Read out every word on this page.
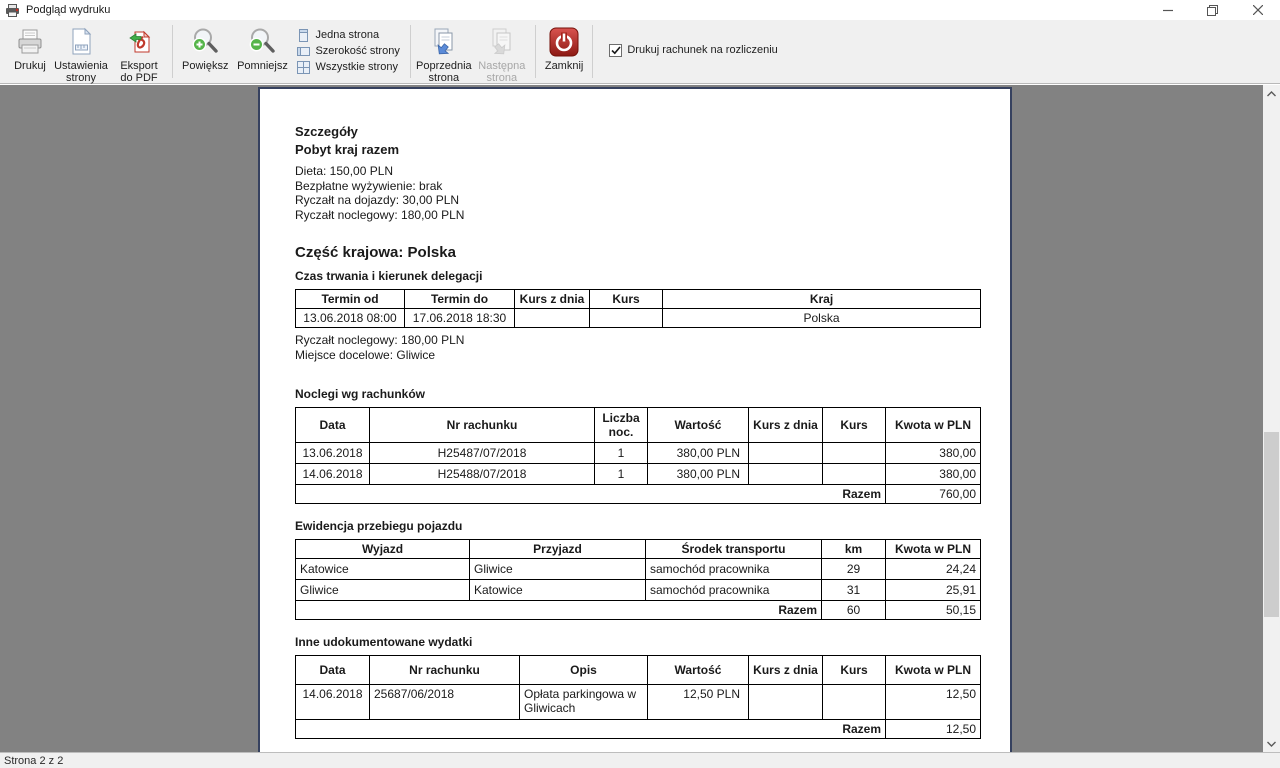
Podgląd wydruku
Drukuj Ustawienia strony
Eksport do PDF
Powiększ Pomniejsz
Jedna strona
Szerokość strony
Wszystkie strony Poprzednia strona
Następna strona
Zamknij
Drukuj rachunek na rozliczeniu
Szczegóły
Pobyt kraj razem
Dieta: 150,00 PLN
Bezpłatne wyżywienie: brak
Ryczałt na dojazdy: 30,00 PLN
Ryczałt noclegowy: 180,00 PLN
Część krajowa: Polska
Czas trwania i kierunek delegacji
Termin od	Termin do	Kurs z dnia	Kurs	Kraj
13.06.2018 08:00	17.06.2018 18:30			Polska
Ryczałt noclegowy: 180,00 PLN
Miejsce docelowe: Gliwice
Noclegi wg rachunków
Data	Nr rachunku	Liczba noc.	Wartość	Kurs z dnia	Kurs	Kwota w PLN
13.06.2018	H25487/07/2018	1	380,00 PLN			380,00
14.06.2018	H25488/07/2018	1	380,00 PLN			380,00
Razem						760,00
Ewidencja przebiegu pojazdu
Wyjazd	Przyjazd	Środek transportu	km	Kwota w PLN
Katowice	Gliwice	samochód pracownika	29	24,24
Gliwice	Katowice	samochód pracownika	31	25,91
Razem			60	50,15
Inne udokumentowane wydatki
Data	Nr rachunku	Opis	Wartość	Kurs z dnia	Kurs	Kwota w PLN
14.06.2018	25687/06/2018	Opłata parkingowa w Gliwicach	12,50 PLN			12,50
Razem						12,50
Strona 2 z 2
